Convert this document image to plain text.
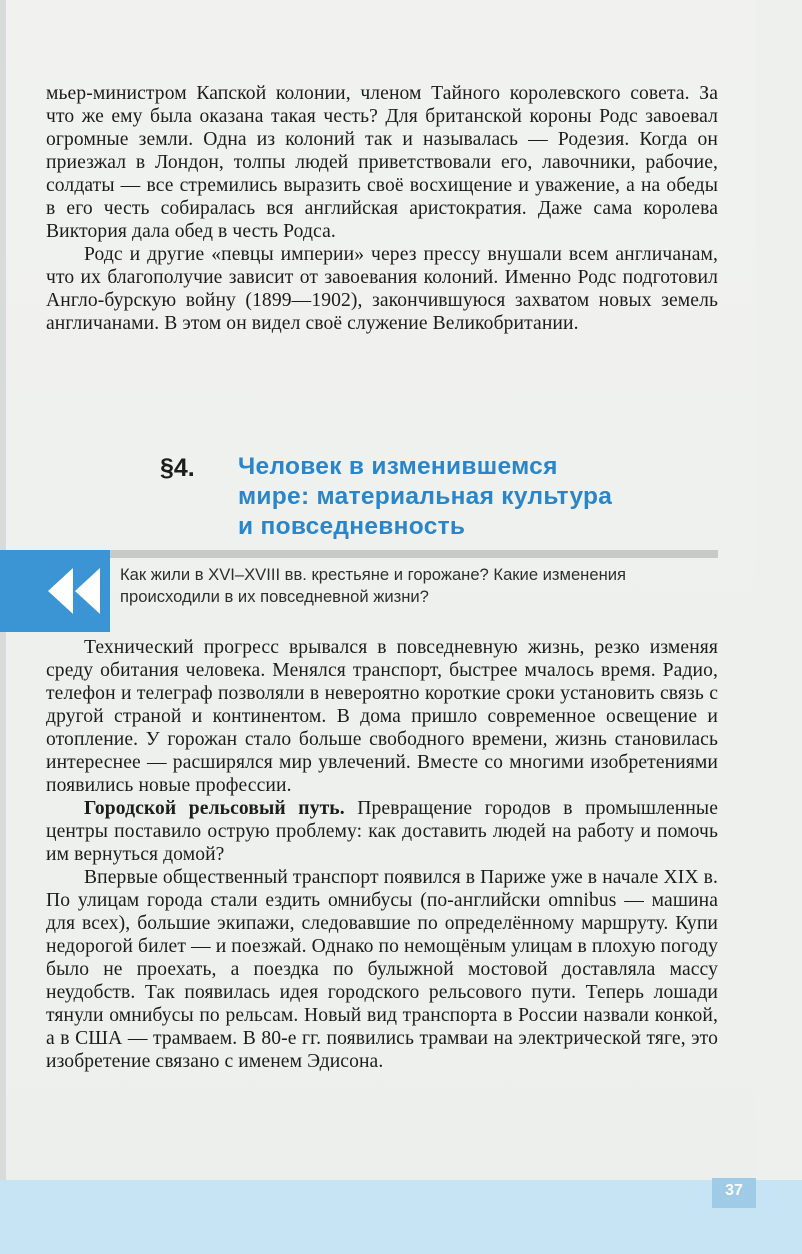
мьер-министром Капской колонии, членом Тайного королевского совета. За что же ему была оказана такая честь? Для британской короны Родс завоевал огромные земли. Одна из колоний так и называлась — Родезия. Когда он приезжал в Лондон, толпы людей приветствовали его, лавочники, рабочие, солдаты — все стремились выразить своё восхищение и уважение, а на обеды в его честь собиралась вся английская аристократия. Даже сама королева Виктория дала обед в честь Родса.

Родс и другие «певцы империи» через прессу внушали всем англичанам, что их благополучие зависит от завоевания колоний. Именно Родс подготовил Англо-бурскую войну (1899—1902), закончившуюся захватом новых земель англичанами. В этом он видел своё служение Великобритании.

§4.	Человек в изменившемся
мире: материальная культура
и повседневность
Как жили в XVI–XVIII вв. крестьяне и горожане? Какие изменения происходили в их повседневной жизни?

Технический прогресс врывался в повседневную жизнь, резко изменяя среду обитания человека. Менялся транспорт, быстрее мчалось время. Радио, телефон и телеграф позволяли в невероятно короткие сроки установить связь с другой страной и континентом. В дома пришло современное освещение и отопление. У горожан стало больше свободного времени, жизнь становилась интереснее — расширялся мир увлечений. Вместе со многими изобретениями появились новые профессии.

Городской рельсовый путь. Превращение городов в промышленные центры поставило острую проблему: как доставить людей на работу и помочь им вернуться домой?

Впервые общественный транспорт появился в Париже уже в начале XIX в. По улицам города стали ездить омнибусы (по-английски omnibus — машина для всех), большие экипажи, следовавшие по определённому маршруту. Купи недорогой билет — и поезжай. Однако по немощёным улицам в плохую погоду было не проехать, а поездка по булыжной мостовой доставляла массу неудобств. Так появилась идея городского рельсового пути. Теперь лошади тянули омнибусы по рельсам. Новый вид транспорта в России назвали конкой, а в США — трамваем. В 80-е гг. появились трамваи на электрической тяге, это изобретение связано с именем Эдисона.

37
